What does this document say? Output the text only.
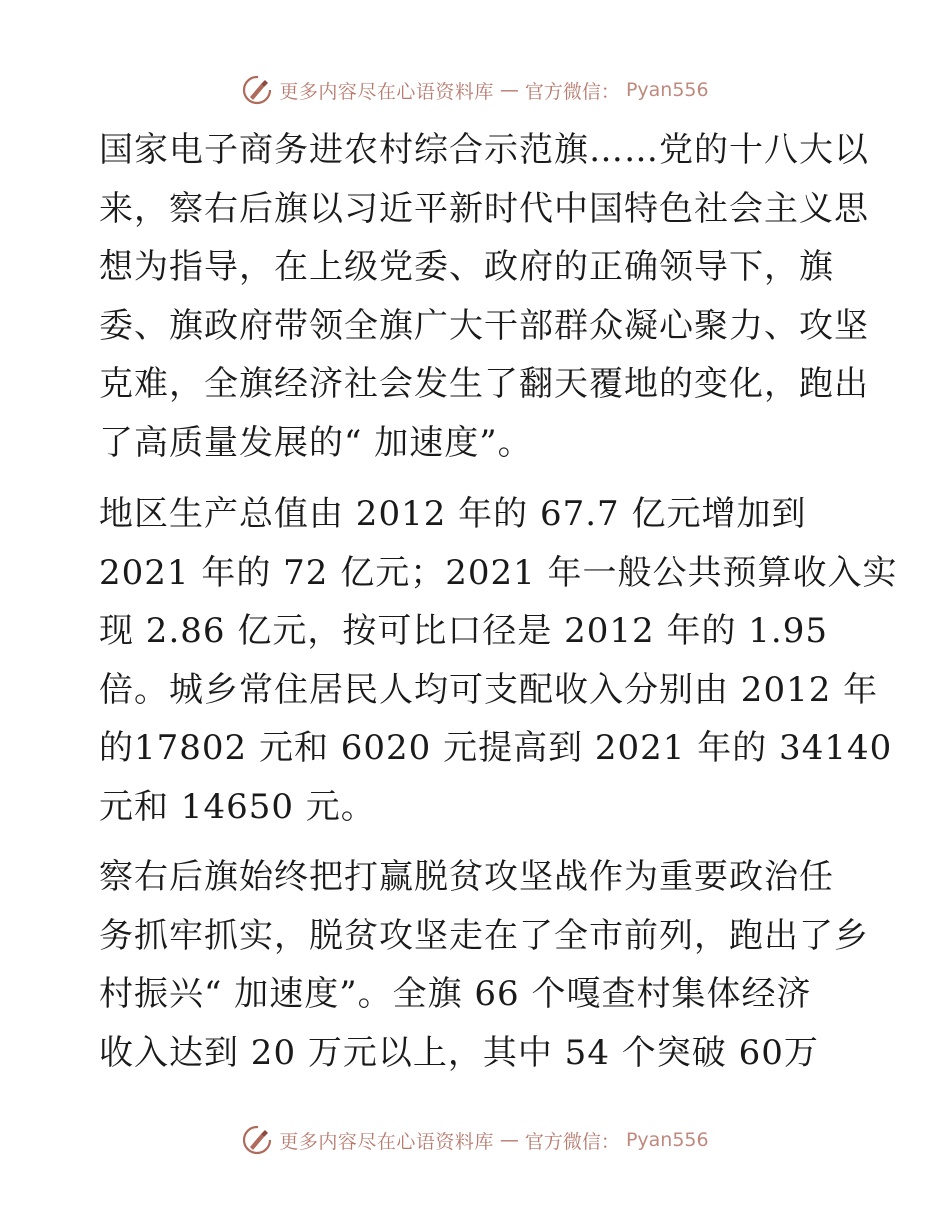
更多内容尽在心语资料库 — 官方微信： Pyan556
国家电子商务进农村综合示范旗……党的十八大以
来，察右后旗以习近平新时代中国特色社会主义思
想为指导，在上级党委、政府的正确领导下，旗
委、旗政府带领全旗广大干部群众凝心聚力、攻坚
克难，全旗经济社会发生了翻天覆地的变化，跑出
了高质量发展的“ 加速度”。
地区生产总值由 2012 年的 67.7 亿元增加到
2021 年的 72 亿元；2021 年一般公共预算收入实
现 2.86 亿元，按可比口径是 2012 年的 1.95
倍。城乡常住居民人均可支配收入分别由 2012 年
的17802 元和 6020 元提高到 2021 年的 34140
元和 14650 元。
察右后旗始终把打赢脱贫攻坚战作为重要政治任
务抓牢抓实，脱贫攻坚走在了全市前列，跑出了乡
村振兴“ 加速度”。全旗 66 个嘎查村集体经济
收入达到 20 万元以上，其中 54 个突破 60万
更多内容尽在心语资料库 — 官方微信： Pyan556
